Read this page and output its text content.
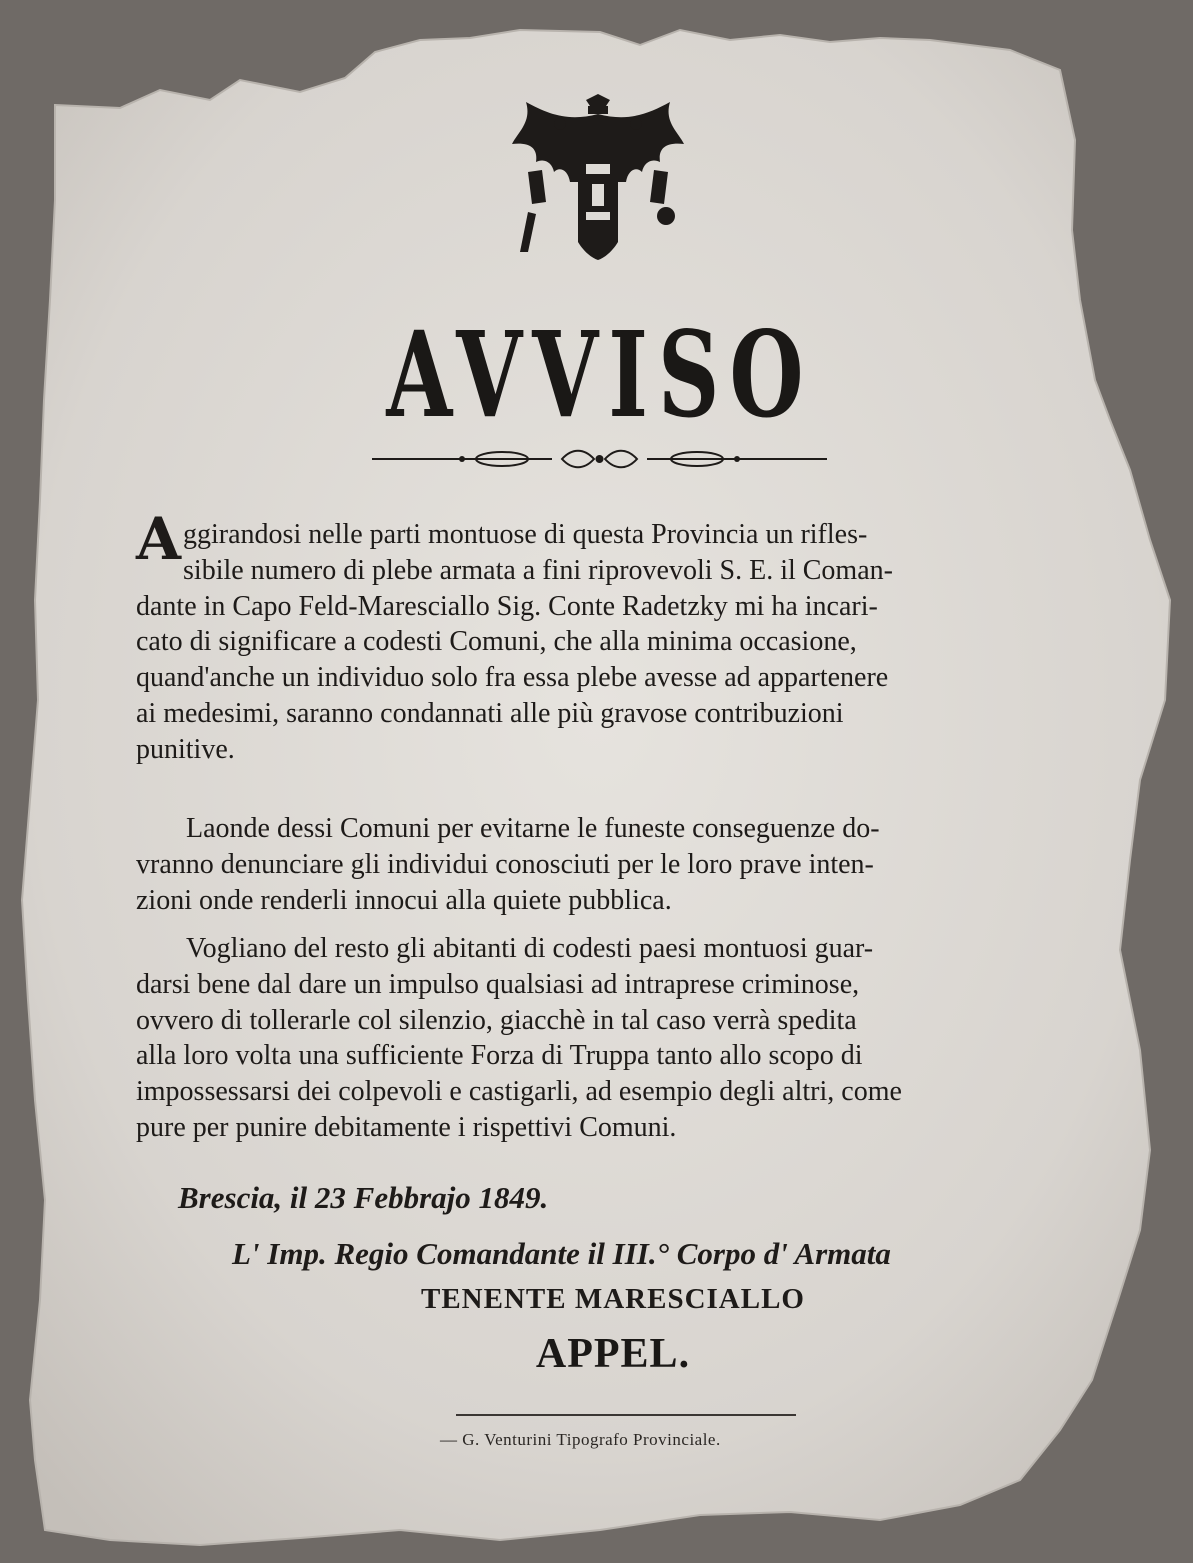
AVVISO
A ggirandosi nelle parti montuose di questa Provincia un rifles-
sibile numero di plebe armata a fini riprovevoli S. E. il Coman-
dante in Capo Feld-Maresciallo Sig. Conte Radetzky mi ha incari-
cato di significare a codesti Comuni, che alla minima occasione,
quand'anche un individuo solo fra essa plebe avesse ad appartenere
ai medesimi, saranno condannati alle più gravose contribuzioni
punitive.
Laonde dessi Comuni per evitarne le funeste conseguenze do-
vranno denunciare gli individui conosciuti per le loro prave inten-
zioni onde renderli innocui alla quiete pubblica.
Vogliano del resto gli abitanti di codesti paesi montuosi guar-
darsi bene dal dare un impulso qualsiasi ad intraprese criminose,
ovvero di tollerarle col silenzio, giacchè in tal caso verrà spedita
alla loro volta una sufficiente Forza di Truppa tanto allo scopo di
impossessarsi dei colpevoli e castigarli, ad esempio degli altri, come
pure per punire debitamente i rispettivi Comuni.
Brescia, il 23 Febbrajo 1849.
L' Imp. Regio Comandante il III.° Corpo d' Armata
TENENTE MARESCIALLO
APPEL.
— G. Venturini Tipografo Provinciale.
